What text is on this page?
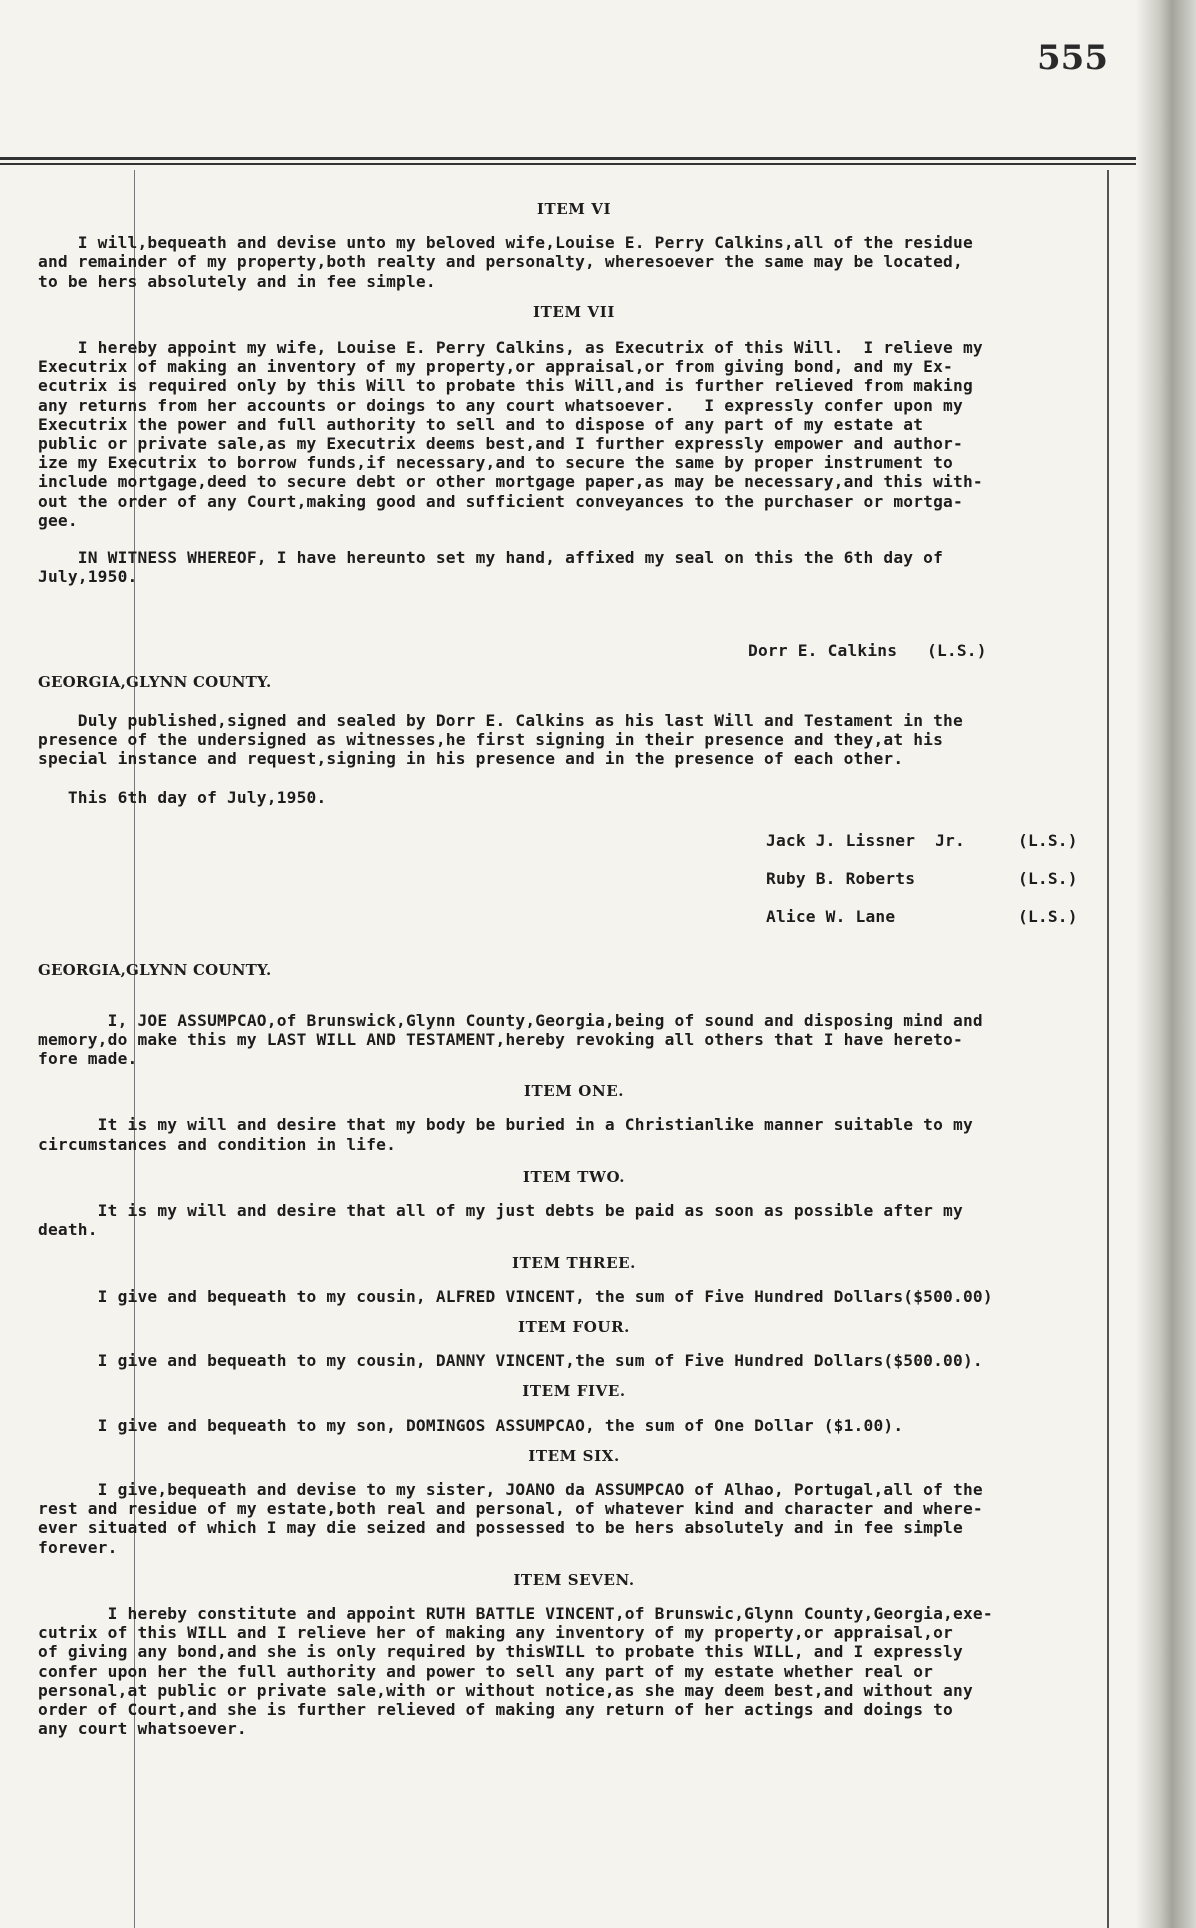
555
ITEM VI
I will,bequeath and devise unto my beloved wife,Louise E. Perry Calkins,all of the residue
and remainder of my property,both realty and personalty, wheresoever the same may be located,
to be hers absolutely and in fee simple.
ITEM VII
I hereby appoint my wife, Louise E. Perry Calkins, as Executrix of this Will.  I relieve my
Executrix of making an inventory of my property,or appraisal,or from giving bond, and my Ex-
ecutrix is required only by this Will to probate this Will,and is further relieved from making
any returns from her accounts or doings to any court whatsoever.   I expressly confer upon my
Executrix the power and full authority to sell and to dispose of any part of my estate at
public or private sale,as my Executrix deems best,and I further expressly empower and author-
ize my Executrix to borrow funds,if necessary,and to secure the same by proper instrument to
include mortgage,deed to secure debt or other mortgage paper,as may be necessary,and this with-
out the order of any Court,making good and sufficient conveyances to the purchaser or mortga-
gee.
IN WITNESS WHEREOF, I have hereunto set my hand, affixed my seal on this the 6th day of
July,1950.

Dorr E. Calkins   (L.S.)

GEORGIA,GLYNN COUNTY.
Duly published,signed and sealed by Dorr E. Calkins as his last Will and Testament in the
presence of the undersigned as witnesses,he first signing in their presence and they,at his
special instance and request,signing in his presence and in the presence of each other.
This 6th day of July,1950.
Jack J. Lissner  Jr.	(L.S.)
Ruby B. Roberts	(L.S.)
Alice W. Lane	(L.S.)
GEORGIA,GLYNN COUNTY.
I, JOE ASSUMPCAO,of Brunswick,Glynn County,Georgia,being of sound and disposing mind and
memory,do make this my LAST WILL AND TESTAMENT,hereby revoking all others that I have hereto-
fore made.
ITEM ONE.
It is my will and desire that my body be buried in a Christianlike manner suitable to my
circumstances and condition in life.
ITEM TWO.
It is my will and desire that all of my just debts be paid as soon as possible after my
death.
ITEM THREE.
I give and bequeath to my cousin, ALFRED VINCENT, the sum of Five Hundred Dollars($500.00)
ITEM FOUR.
I give and bequeath to my cousin, DANNY VINCENT,the sum of Five Hundred Dollars($500.00).
ITEM FIVE.
I give and bequeath to my son, DOMINGOS ASSUMPCAO, the sum of One Dollar ($1.00).
ITEM SIX.
I give,bequeath and devise to my sister, JOANO da ASSUMPCAO of Alhao, Portugal,all of the
rest and residue of my estate,both real and personal, of whatever kind and character and where-
ever situated of which I may die seized and possessed to be hers absolutely and in fee simple
forever.
ITEM SEVEN.
I hereby constitute and appoint RUTH BATTLE VINCENT,of Brunswic,Glynn County,Georgia,exe-
cutrix of this WILL and I relieve her of making any inventory of my property,or appraisal,or
of giving any bond,and she is only required by thisWILL to probate this WILL, and I expressly
confer upon her the full authority and power to sell any part of my estate whether real or
personal,at public or private sale,with or without notice,as she may deem best,and without any
order of Court,and she is further relieved of making any return of her actings and doings to
any court whatsoever.
